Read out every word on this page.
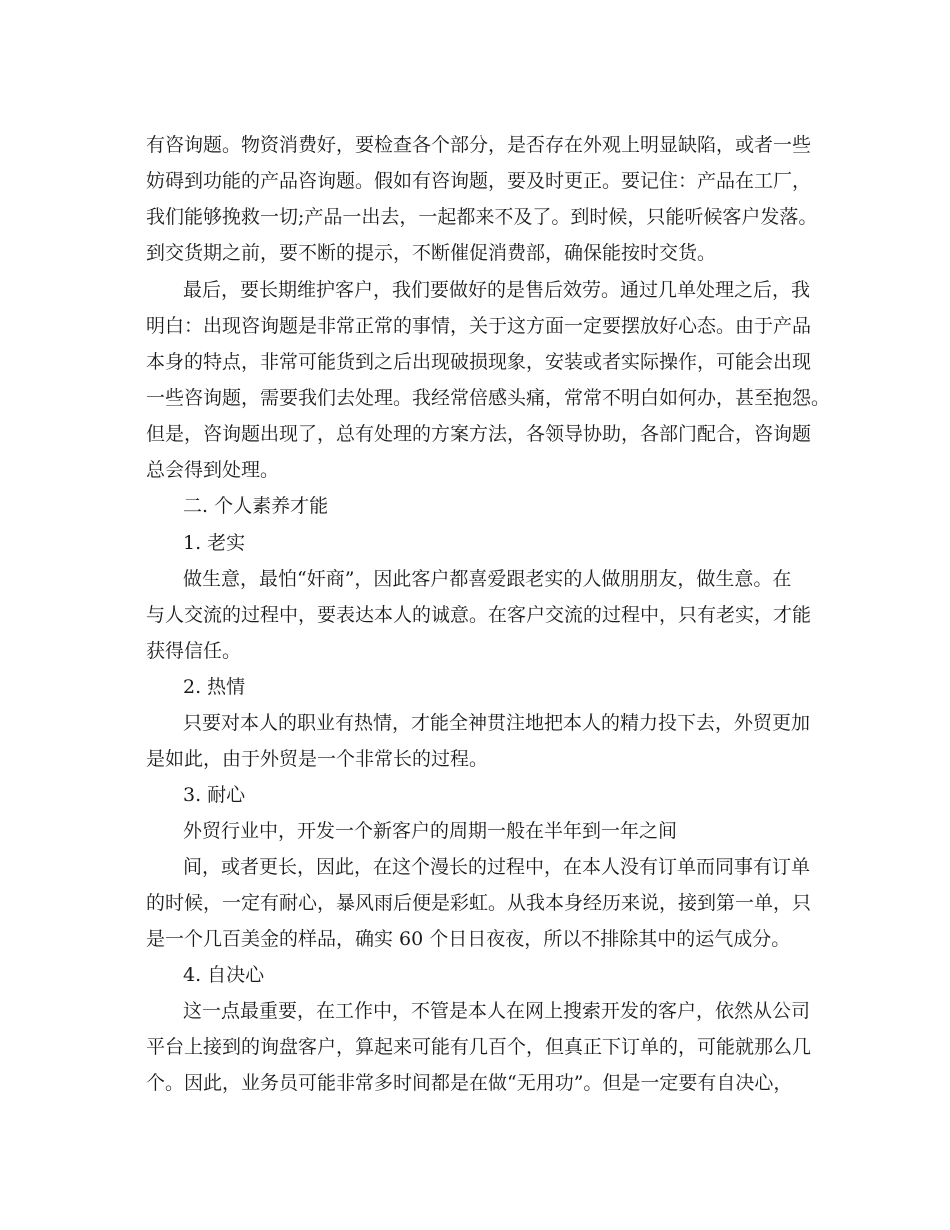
有咨询题。物资消费好，要检查各个部分，是否存在外观上明显缺陷，或者一些
妨碍到功能的产品咨询题。假如有咨询题，要及时更正。要记住：产品在工厂，
我们能够挽救一切;产品一出去，一起都来不及了。到时候，只能听候客户发落。
到交货期之前，要不断的提示，不断催促消费部，确保能按时交货。
最后，要长期维护客户，我们要做好的是售后效劳。通过几单处理之后，我
明白：出现咨询题是非常正常的事情，关于这方面一定要摆放好心态。由于产品
本身的特点，非常可能货到之后出现破损现象，安装或者实际操作，可能会出现
一些咨询题，需要我们去处理。我经常倍感头痛，常常不明白如何办，甚至抱怨。
但是，咨询题出现了，总有处理的方案方法，各领导协助，各部门配合，咨询题
总会得到处理。
二. 个人素养才能
1. 老实
做生意，最怕“奸商”，因此客户都喜爱跟老实的人做朋朋友，做生意。在
与人交流的过程中，要表达本人的诚意。在客户交流的过程中，只有老实，才能
获得信任。
2. 热情
只要对本人的职业有热情，才能全神贯注地把本人的精力投下去，外贸更加
是如此，由于外贸是一个非常长的过程。
3. 耐心
外贸行业中，开发一个新客户的周期一般在半年到一年之间
间，或者更长，因此，在这个漫长的过程中，在本人没有订单而同事有订单
的时候，一定有耐心，暴风雨后便是彩虹。从我本身经历来说，接到第一单，只
是一个几百美金的样品，确实 60 个日日夜夜，所以不排除其中的运气成分。
4. 自决心
这一点最重要，在工作中，不管是本人在网上搜索开发的客户，依然从公司
平台上接到的询盘客户，算起来可能有几百个，但真正下订单的，可能就那么几
个。因此，业务员可能非常多时间都是在做“无用功”。但是一定要有自决心，
